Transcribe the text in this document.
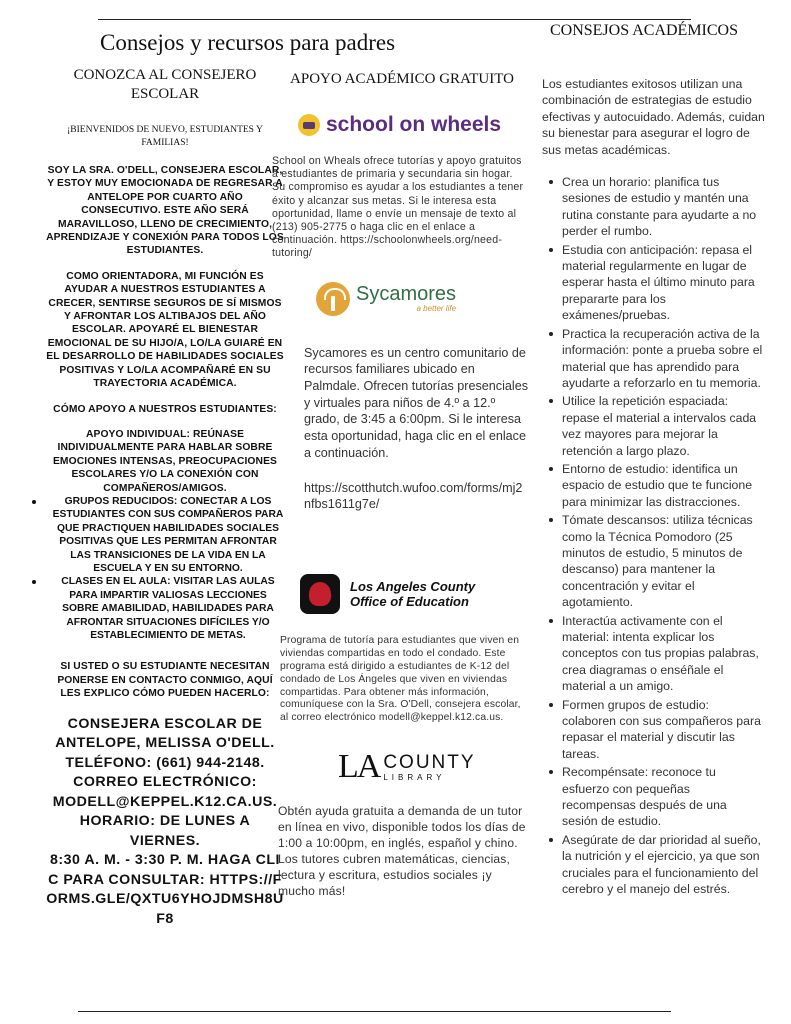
Consejos y recursos para padres

CONOZCA AL CONSEJERO ESCOLAR

¡BIENVENIDOS DE NUEVO, ESTUDIANTES Y FAMILIAS!

SOY LA SRA. O'DELL, CONSEJERA ESCOLAR, Y ESTOY MUY EMOCIONADA DE REGRESAR A ANTELOPE POR CUARTO AÑO CONSECUTIVO. ESTE AÑO SERÁ MARAVILLOSO, LLENO DE CRECIMIENTO, APRENDIZAJE Y CONEXIÓN PARA TODOS LOS ESTUDIANTES.

COMO ORIENTADORA, MI FUNCIÓN ES AYUDAR A NUESTROS ESTUDIANTES A CRECER, SENTIRSE SEGUROS DE SÍ MISMOS Y AFRONTAR LOS ALTIBAJOS DEL AÑO ESCOLAR. APOYARÉ EL BIENESTAR EMOCIONAL DE SU HIJO/A, LO/LA GUIARÉ EN EL DESARROLLO DE HABILIDADES SOCIALES POSITIVAS Y LO/LA ACOMPAÑARÉ EN SU TRAYECTORIA ACADÉMICA.

CÓMO APOYO A NUESTROS ESTUDIANTES:

APOYO INDIVIDUAL: REÚNASE INDIVIDUALMENTE PARA HABLAR SOBRE EMOCIONES INTENSAS, PREOCUPACIONES ESCOLARES Y/O LA CONEXIÓN CON COMPAÑEROS/AMIGOS.

GRUPOS REDUCIDOS: CONECTAR A LOS ESTUDIANTES CON SUS COMPAÑEROS PARA QUE PRACTIQUEN HABILIDADES SOCIALES POSITIVAS QUE LES PERMITAN AFRONTAR LAS TRANSICIONES DE LA VIDA EN LA ESCUELA Y EN SU ENTORNO.
CLASES EN EL AULA: VISITAR LAS AULAS PARA IMPARTIR VALIOSAS LECCIONES SOBRE AMABILIDAD, HABILIDADES PARA AFRONTAR SITUACIONES DIFÍCILES Y/O ESTABLECIMIENTO DE METAS.

SI USTED O SU ESTUDIANTE NECESITAN PONERSE EN CONTACTO CONMIGO, AQUÍ LES EXPLICO CÓMO PUEDEN HACERLO:

CONSEJERA ESCOLAR DE ANTELOPE, MELISSA O'DELL.
TELÉFONO: (661) 944-2148.
CORREO ELECTRÓNICO: MODELL@KEPPEL.K12.CA.US.
HORARIO: DE LUNES A VIERNES.
8:30 A. M. - 3:30 P. M. HAGA CLIC PARA CONSULTAR: HTTPS://FORMS.GLE/QXTU6YHOJDMSH8UF8

APOYO ACADÉMICO GRATUITO

school on wheels

School on Wheals ofrece tutorías y apoyo gratuitos a estudiantes de primaria y secundaria sin hogar. Su compromiso es ayudar a los estudiantes a tener éxito y alcanzar sus metas. Si le interesa esta oportunidad, llame o envíe un mensaje de texto al (213) 905-2775 o haga clic en el enlace a continuación. https://schoolonwheels.org/need-tutoring/

Sycamores
a better life

Sycamores es un centro comunitario de recursos familiares ubicado en Palmdale. Ofrecen tutorías presenciales y virtuales para niños de 4.º a 12.º grado, de 3:45 a 6:00pm. Si le interesa esta oportunidad, haga clic en el enlace a continuación.

https://scotthutch.wufoo.com/forms/mj2nfbs1611g7e/

Los Angeles County
Office of Education

Programa de tutoría para estudiantes que viven en viviendas compartidas en todo el condado. Este programa está dirigido a estudiantes de K-12 del condado de Los Ángeles que viven en viviendas compartidas. Para obtener más información, comuníquese con la Sra. O'Dell, consejera escolar, al correo electrónico modell@keppel.k12.ca.us.

LA COUNTY
LIBRARY

Obtén ayuda gratuita a demanda de un tutor en línea en vivo, disponible todos los días de 1:00 a 10:00pm, en inglés, español y chino. Los tutores cubren matemáticas, ciencias, lectura y escritura, estudios sociales ¡y mucho más!

CONSEJOS ACADÉMICOS

Los estudiantes exitosos utilizan una combinación de estrategias de estudio efectivas y autocuidado. Además, cuidan su bienestar para asegurar el logro de sus metas académicas.

Crea un horario: planifica tus sesiones de estudio y mantén una rutina constante para ayudarte a no perder el rumbo.
Estudia con anticipación: repasa el material regularmente en lugar de esperar hasta el último minuto para prepararte para los exámenes/pruebas.
Practica la recuperación activa de la información: ponte a prueba sobre el material que has aprendido para ayudarte a reforzarlo en tu memoria.
Utilice la repetición espaciada: repase el material a intervalos cada vez mayores para mejorar la retención a largo plazo.
Entorno de estudio: identifica un espacio de estudio que te funcione para minimizar las distracciones.
Tómate descansos: utiliza técnicas como la Técnica Pomodoro (25 minutos de estudio, 5 minutos de descanso) para mantener la concentración y evitar el agotamiento.
Interactúa activamente con el material: intenta explicar los conceptos con tus propias palabras, crea diagramas o enséñale el material a un amigo.
Formen grupos de estudio: colaboren con sus compañeros para repasar el material y discutir las tareas.
Recompénsate: reconoce tu esfuerzo con pequeñas recompensas después de una sesión de estudio.
Asegúrate de dar prioridad al sueño, la nutrición y el ejercicio, ya que son cruciales para el funcionamiento del cerebro y el manejo del estrés.
